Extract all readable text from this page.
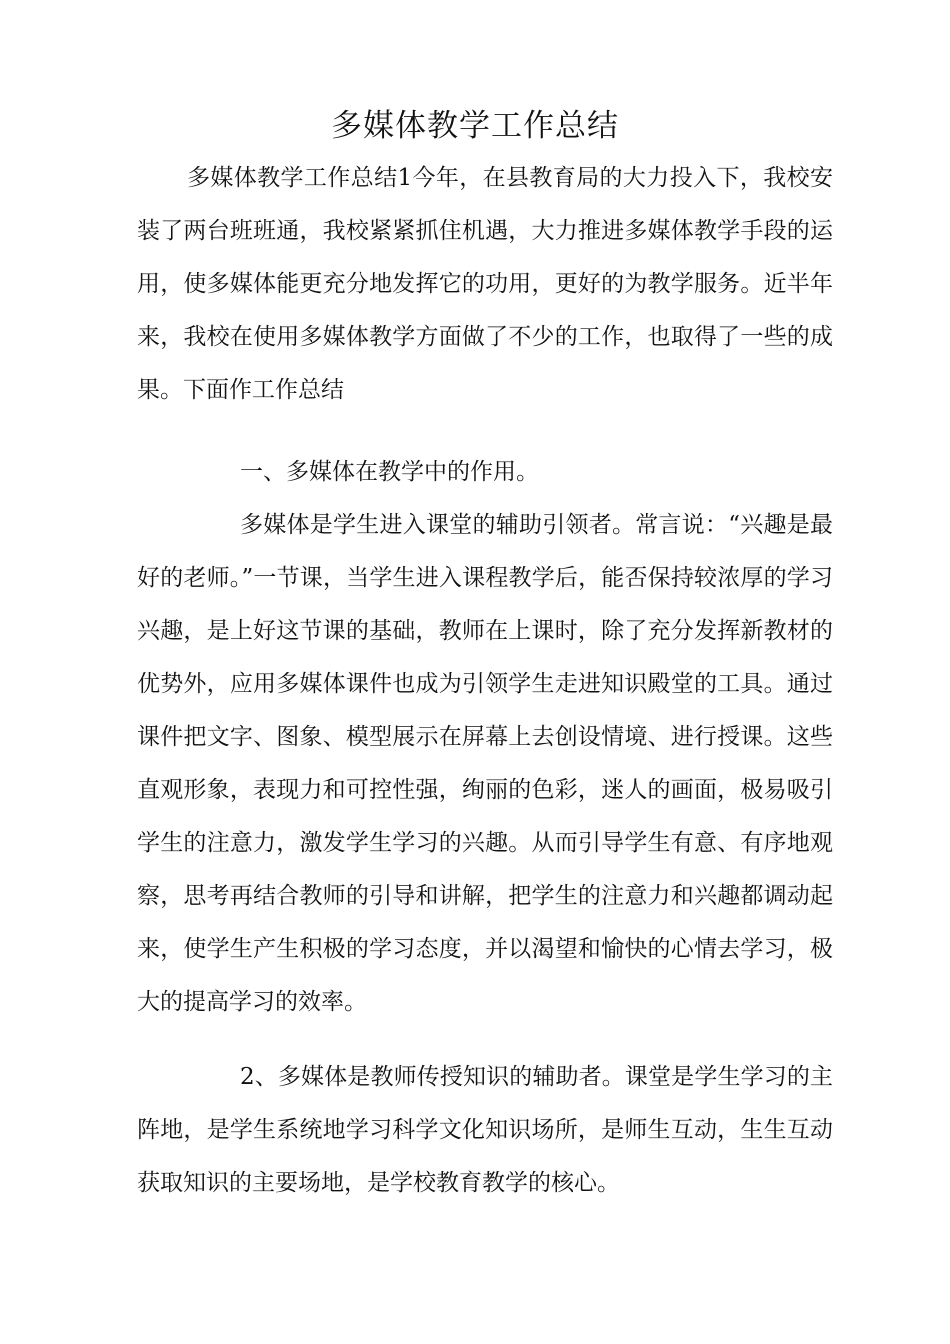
多媒体教学工作总结

多媒体教学工作总结1今年，在县教育局的大力投入下，我校安装了两台班班通，我校紧紧抓住机遇，大力推进多媒体教学手段的运用，使多媒体能更充分地发挥它的功用，更好的为教学服务。近半年来，我校在使用多媒体教学方面做了不少的工作，也取得了一些的成果。下面作工作总结

一、多媒体在教学中的作用。

多媒体是学生进入课堂的辅助引领者。常言说：“兴趣是最好的老师。”一节课，当学生进入课程教学后，能否保持较浓厚的学习兴趣，是上好这节课的基础，教师在上课时，除了充分发挥新教材的优势外，应用多媒体课件也成为引领学生走进知识殿堂的工具。通过课件把文字、图象、模型展示在屏幕上去创设情境、进行授课。这些直观形象，表现力和可控性强，绚丽的色彩，迷人的画面，极易吸引学生的注意力，激发学生学习的兴趣。从而引导学生有意、有序地观察，思考再结合教师的引导和讲解，把学生的注意力和兴趣都调动起来，使学生产生积极的学习态度，并以渴望和愉快的心情去学习，极大的提高学习的效率。

2、多媒体是教师传授知识的辅助者。课堂是学生学习的主阵地，是学生系统地学习科学文化知识场所，是师生互动，生生互动获取知识的主要场地，是学校教育教学的核心。
